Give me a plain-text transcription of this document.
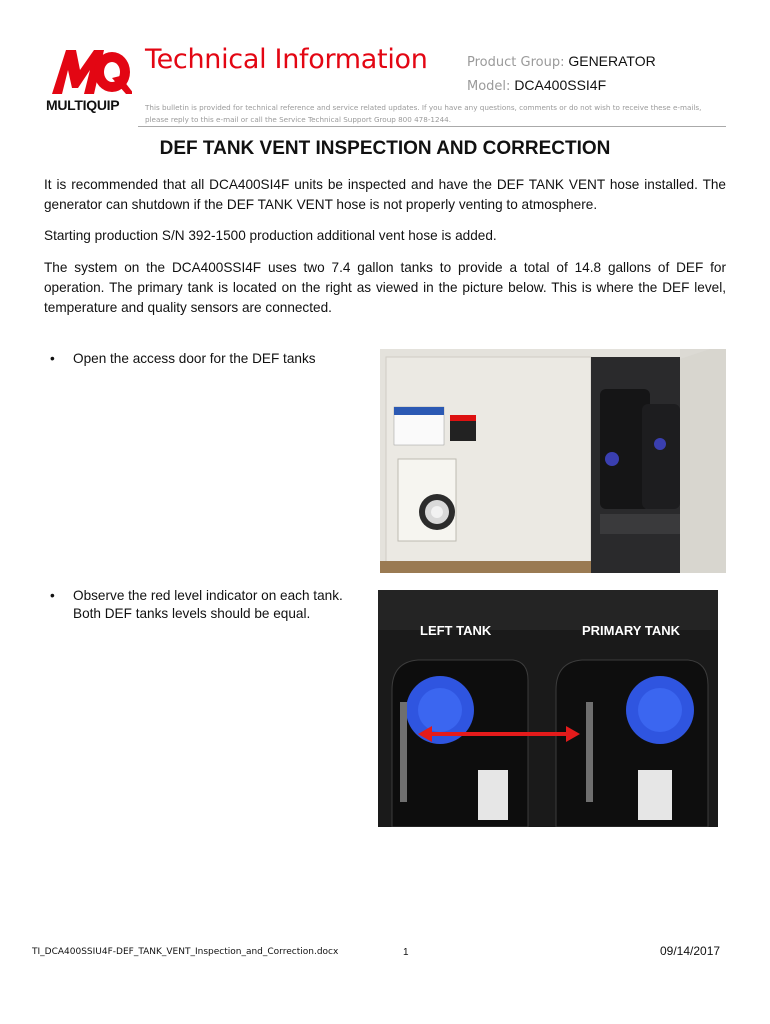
MULTIQUIP
Technical Information	Product Group: GENERATOR
Model: DCA400SSI4F
This bulletin is provided for technical reference and service related updates. If you have any questions, comments or do not wish to receive these e-mails, please reply to this e-mail or call the Service Technical Support Group 800 478-1244.
DEF TANK VENT INSPECTION AND CORRECTION
It is recommended that all DCA400SI4F units be inspected and have the DEF TANK VENT hose installed. The generator can shutdown if the DEF TANK VENT hose is not properly venting to atmosphere.
Starting production S/N 392-1500 production additional vent hose is added.
The system on the DCA400SSI4F uses two 7.4 gallon tanks to provide a total of 14.8 gallons of DEF for operation. The primary tank is located on the right as viewed in the picture below. This is where the DEF level, temperature and quality sensors are connected.
• Open the access door for the DEF tanks
• Observe the red level indicator on each tank.
Both DEF tanks levels should be equal.
LEFT TANK	PRIMARY TANK
TI_DCA400SSIU4F-DEF_TANK_VENT_Inspection_and_Correction.docx	1	09/14/2017
